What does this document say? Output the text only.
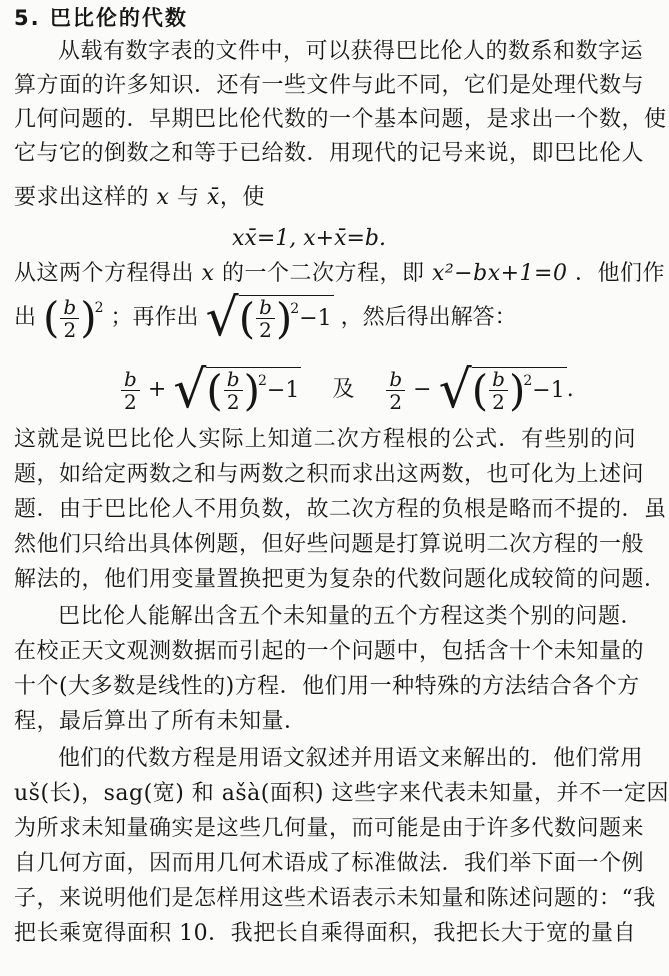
5. 巴比伦的代数
从载有数字表的文件中，可以获得巴比伦人的数系和数字运
算方面的许多知识．还有一些文件与此不同，它们是处理代数与
几何问题的．早期巴比伦代数的一个基本问题，是求出一个数，使
它与它的倒数之和等于已给数．用现代的记号来说，即巴比伦人
要求出这样的 x 与 x̄，使
xx̄=1, x+x̄=b.
从这两个方程得出 x 的一个二次方程，即 x²−bx+1=0 ．他们作
出 ( $\frac{b}{2}$ )
2 ；再作出 √ ( $\frac{b}{2}$ )
2 −1 ，然后得出解答：
$\frac{b}{2}$ + √ ( $\frac{b}{2}$ )
2 −1 及 $\frac{b}{2}$ − √ ( $\frac{b}{2}$ )
2 −1 .
这就是说巴比伦人实际上知道二次方程根的公式．有些别的问
题，如给定两数之和与两数之积而求出这两数，也可化为上述问
题．由于巴比伦人不用负数，故二次方程的负根是略而不提的．虽
然他们只给出具体例题，但好些问题是打算说明二次方程的一般
解法的，他们用变量置换把更为复杂的代数问题化成较简的问题．
巴比伦人能解出含五个未知量的五个方程这类个别的问题．
在校正天文观测数据而引起的一个问题中，包括含十个未知量的
十个(大多数是线性的)方程．他们用一种特殊的方法结合各个方
程，最后算出了所有未知量．
他们的代数方程是用语文叙述并用语文来解出的．他们常用
uš(长)，sag(宽) 和 ašà(面积) 这些字来代表未知量，并不一定因
为所求未知量确实是这些几何量，而可能是由于许多代数问题来
自几何方面，因而用几何术语成了标准做法．我们举下面一个例
子，来说明他们是怎样用这些术语表示未知量和陈述问题的：“我
把长乘宽得面积 10．我把长自乘得面积，我把长大于宽的量自
